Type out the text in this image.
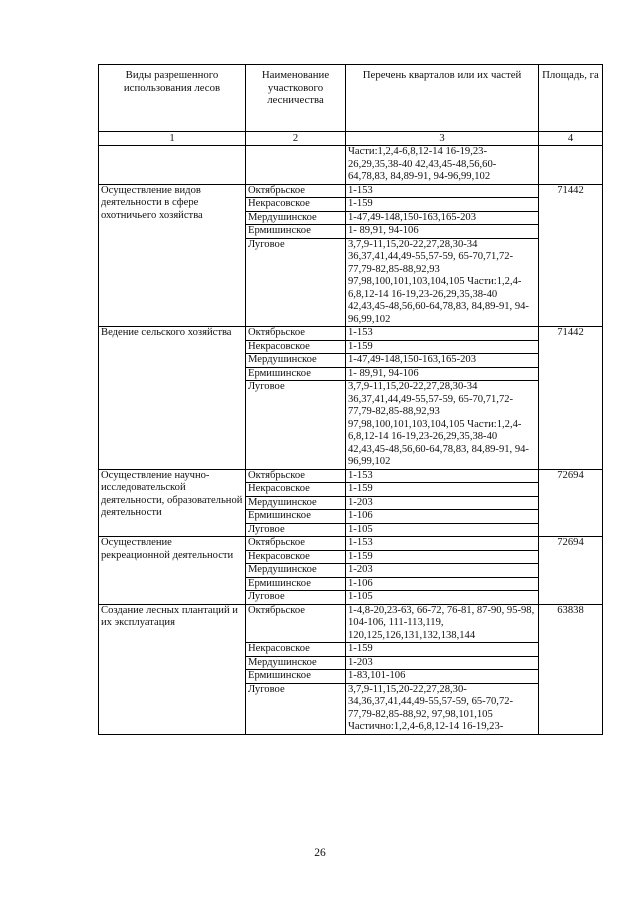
Виды разрешенного использования лесов	Наименование участкового лесничества	Перечень кварталов или их частей	Площадь, га
1	2	3	4
		Части:1,2,4-6,8,12-14 16-19,23-26,29,35,38-40 42,43,45-48,56,60-64,78,83, 84,89-91, 94-96,99,102	
Осуществление видов деятельности в сфере охотничьего хозяйства	Октябрьское	1-153	71442
	Некрасовское	1-159	
	Мердушинское	1-47,49-148,150-163,165-203	
	Ермишинское	1- 89,91, 94-106	
	Луговое	3,7,9-11,15,20-22,27,28,30-34 36,37,41,44,49-55,57-59, 65-70,71,72-77,79-82,85-88,92,93 97,98,100,101,103,104,105 Части:1,2,4-6,8,12-14 16-19,23-26,29,35,38-40 42,43,45-48,56,60-64,78,83, 84,89-91, 94-96,99,102	
Ведение сельского хозяйства	Октябрьское	1-153	71442
	Некрасовское	1-159	
	Мердушинское	1-47,49-148,150-163,165-203	
	Ермишинское	1- 89,91, 94-106	
	Луговое	3,7,9-11,15,20-22,27,28,30-34 36,37,41,44,49-55,57-59, 65-70,71,72-77,79-82,85-88,92,93 97,98,100,101,103,104,105 Части:1,2,4-6,8,12-14 16-19,23-26,29,35,38-40 42,43,45-48,56,60-64,78,83, 84,89-91, 94-96,99,102	
Осуществление научно-исследовательской деятельности, образовательной деятельности	Октябрьское	1-153	72694
	Некрасовское	1-159	
	Мердушинское	1-203	
	Ермишинское	1-106	
	Луговое	1-105	
Осуществление рекреационной деятельности	Октябрьское	1-153	72694
	Некрасовское	1-159	
	Мердушинское	1-203	
	Ермишинское	1-106	
	Луговое	1-105	
Создание лесных плантаций и их эксплуатация	Октябрьское	1-4,8-20,23-63, 66-72, 76-81, 87-90, 95-98, 104-106, 111-113,119, 120,125,126,131,132,138,144	63838
	Некрасовское	1-159	
	Мердушинское	1-203	
	Ермишинское	1-83,101-106	
	Луговое	3,7,9-11,15,20-22,27,28,30-34,36,37,41,44,49-55,57-59, 65-70,72-77,79-82,85-88,92, 97,98,101,105 Частично:1,2,4-6,8,12-14 16-19,23-	
26
